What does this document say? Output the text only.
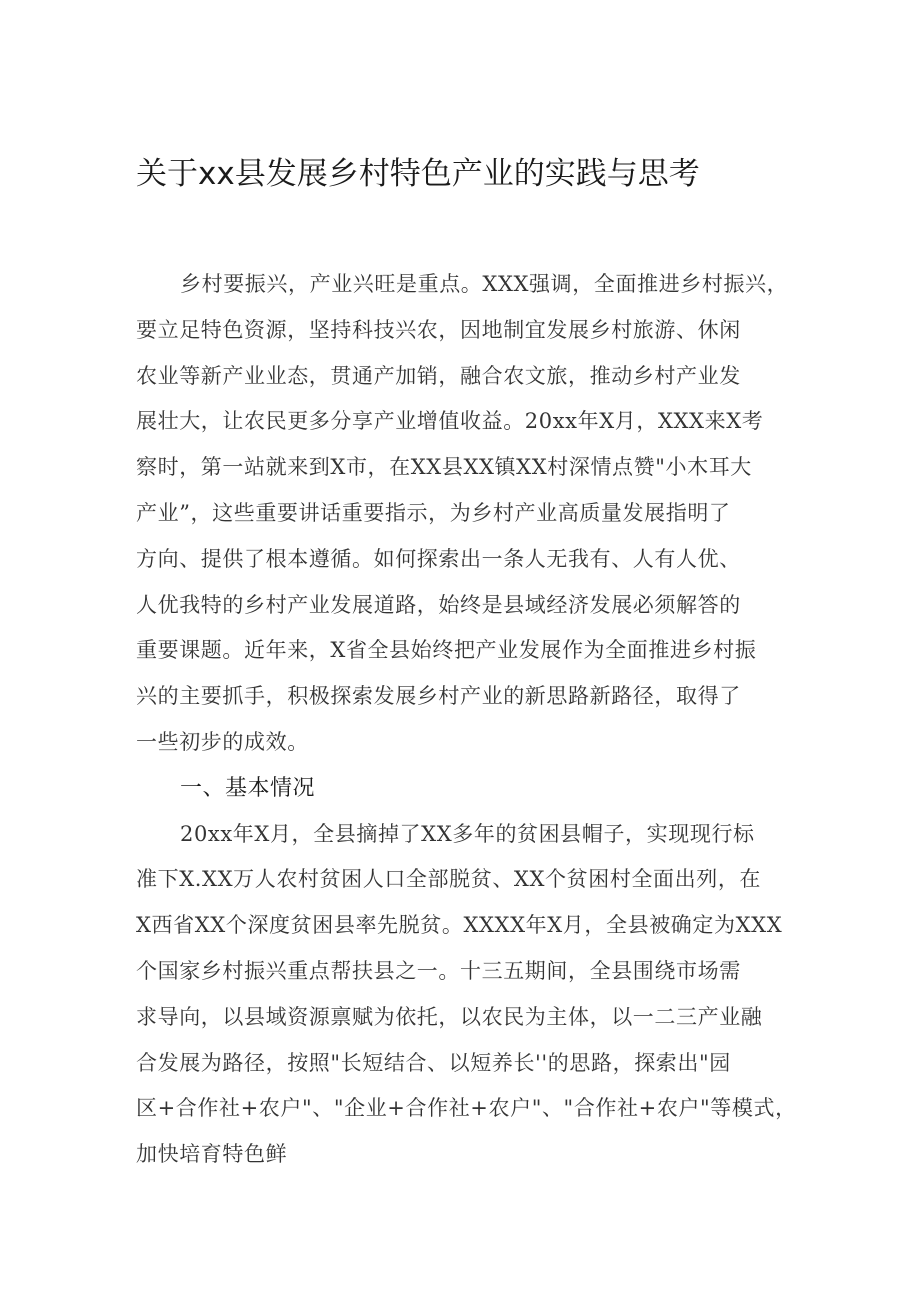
关于xx县发展乡村特色产业的实践与思考
乡村要振兴，产业兴旺是重点。XXX强调，全面推进乡村振兴，
要立足特色资源，坚持科技兴农，因地制宜发展乡村旅游、休闲
农业等新产业业态，贯通产加销，融合农文旅，推动乡村产业发
展壮大，让农民更多分享产业增值收益。20xx年X月，XXX来X考
察时，第一站就来到X市，在XX县XX镇XX村深情点赞"小木耳大
产业”，这些重要讲话重要指示，为乡村产业高质量发展指明了
方向、提供了根本遵循。如何探索出一条人无我有、人有人优、
人优我特的乡村产业发展道路，始终是县域经济发展必须解答的
重要课题。近年来，X省全县始终把产业发展作为全面推进乡村振
兴的主要抓手，积极探索发展乡村产业的新思路新路径，取得了
一些初步的成效。
一、基本情况
20xx年X月，全县摘掉了XX多年的贫困县帽子，实现现行标
准下X.XX万人农村贫困人口全部脱贫、XX个贫困村全面出列，在
X西省XX个深度贫困县率先脱贫。XXXX年X月，全县被确定为XXX
个国家乡村振兴重点帮扶县之一。十三五期间，全县围绕市场需
求导向，以县域资源禀赋为依托，以农民为主体，以一二三产业融
合发展为路径，按照"长短结合、以短养长''的思路，探索出"园
区+合作社+农户"、"企业+合作社+农户"、"合作社+农户"等模式，
加快培育特色鲜
